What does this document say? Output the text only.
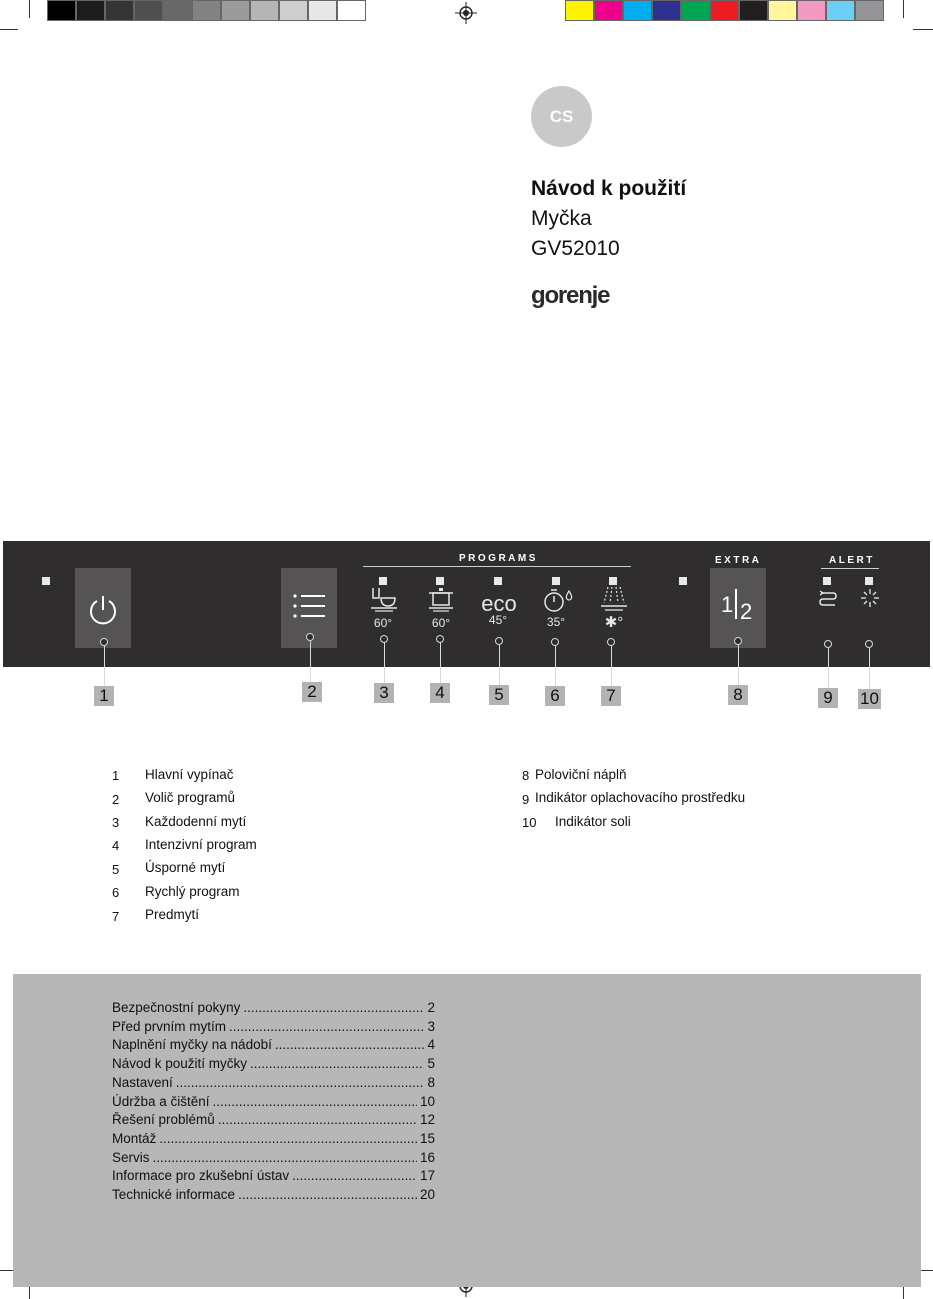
CS
Návod k použití
Myčka
GV52010
gorenje
PROGRAMS	EXTRA	ALERT
eco
60°	60°	45°	35°	✱°
1 2
1	2	3	4	5	6	7	8	9	10
1 Hlavní vypínač
2 Volič programů
3 Každodenní mytí
4 Intenzivní program
5 Úsporné mytí
6 Rychlý program
7 Predmytí
8 Poloviční náplň
9 Indikátor oplachovacího prostředku
10 Indikátor soli
Bezpečnostní pokyny .....	2
Před prvním mytím .....	3
Naplnění myčky na nádobí .....	4
Návod k použití myčky .....	5
Nastavení .....	8
Údržba a čištění .....	10
Řešení problémů .....	12
Montáž .....	15
Servis .....	16
Informace pro zkušební ústav .....	17
Technické informace .....	20
